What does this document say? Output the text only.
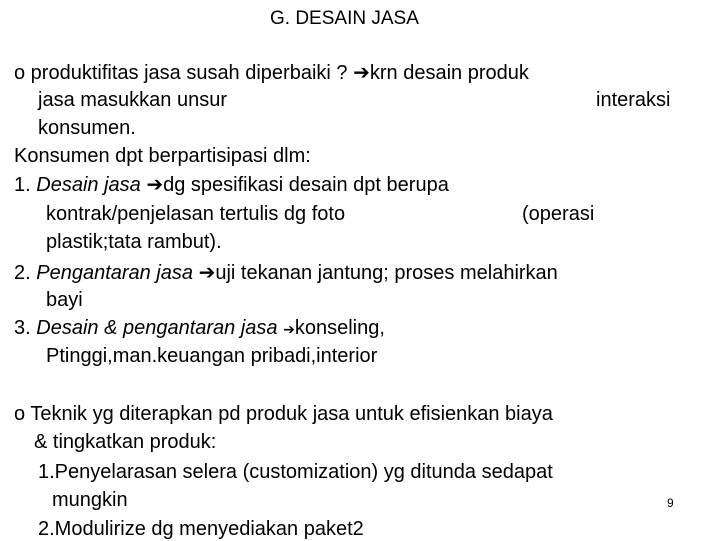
G. DESAIN JASA
o produktifitas jasa susah diperbaiki ? ➔krn desain produk
jasa masukkan unsur	interaksi
konsumen.
Konsumen dpt berpartisipasi dlm:
1. Desain jasa ➔dg spesifikasi desain dpt berupa
kontrak/penjelasan tertulis dg foto	(operasi
plastik;tata rambut).
2. Pengantaran jasa ➔uji tekanan jantung; proses melahirkan
bayi
3. Desain & pengantaran jasa ➔konseling,
Ptinggi,man.keuangan pribadi,interior
o Teknik yg diterapkan pd produk jasa untuk efisienkan biaya
& tingkatkan produk:
1.Penyelarasan selera (customization) yg ditunda sedapat
mungkin	9
2.Modulirize dg menyediakan paket2
